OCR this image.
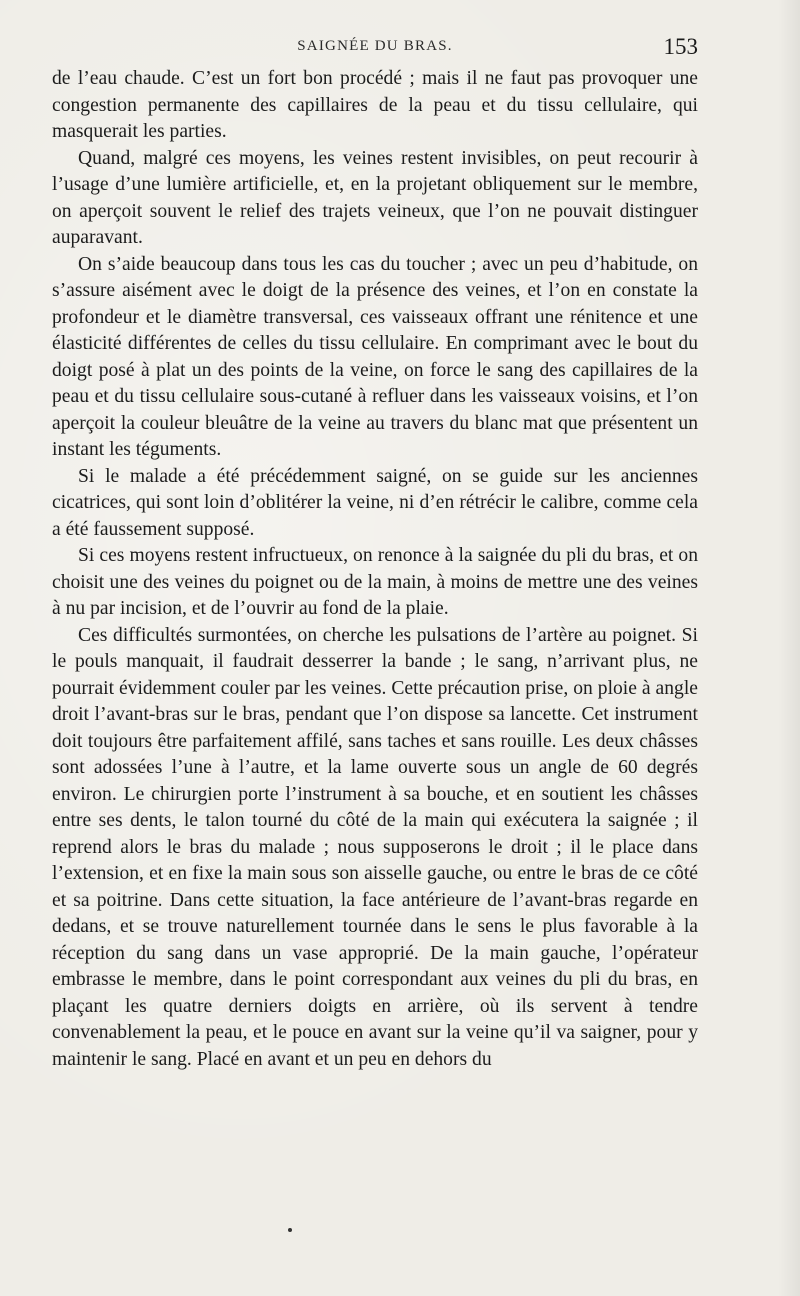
SAIGNÉE DU BRAS.	153

de l’eau chaude. C’est un fort bon procédé ; mais il ne faut pas provoquer une congestion permanente des capillaires de la peau et du tissu cellulaire, qui masquerait les parties.

Quand, malgré ces moyens, les veines restent invisibles, on peut recourir à l’usage d’une lumière artificielle, et, en la projetant obliquement sur le membre, on aperçoit souvent le relief des trajets veineux, que l’on ne pouvait distinguer auparavant.

On s’aide beaucoup dans tous les cas du toucher ; avec un peu d’habitude, on s’assure aisément avec le doigt de la présence des veines, et l’on en constate la profondeur et le diamètre transversal, ces vaisseaux offrant une rénitence et une élasticité différentes de celles du tissu cellulaire. En comprimant avec le bout du doigt posé à plat un des points de la veine, on force le sang des capillaires de la peau et du tissu cellulaire sous-cutané à refluer dans les vaisseaux voisins, et l’on aperçoit la couleur bleuâtre de la veine au travers du blanc mat que présentent un instant les téguments.

Si le malade a été précédemment saigné, on se guide sur les anciennes cicatrices, qui sont loin d’oblitérer la veine, ni d’en rétrécir le calibre, comme cela a été faussement supposé.

Si ces moyens restent infructueux, on renonce à la saignée du pli du bras, et on choisit une des veines du poignet ou de la main, à moins de mettre une des veines à nu par incision, et de l’ouvrir au fond de la plaie.

Ces difficultés surmontées, on cherche les pulsations de l’artère au poignet. Si le pouls manquait, il faudrait desserrer la bande ; le sang, n’arrivant plus, ne pourrait évidemment couler par les veines. Cette précaution prise, on ploie à angle droit l’avant-bras sur le bras, pendant que l’on dispose sa lancette. Cet instrument doit toujours être parfaitement affilé, sans taches et sans rouille. Les deux châsses sont adossées l’une à l’autre, et la lame ouverte sous un angle de 60 degrés environ. Le chirurgien porte l’instrument à sa bouche, et en soutient les châsses entre ses dents, le talon tourné du côté de la main qui exécutera la saignée ; il reprend alors le bras du malade ; nous supposerons le droit ; il le place dans l’extension, et en fixe la main sous son aisselle gauche, ou entre le bras de ce côté et sa poitrine. Dans cette situation, la face antérieure de l’avant-bras regarde en dedans, et se trouve naturellement tournée dans le sens le plus favorable à la réception du sang dans un vase approprié. De la main gauche, l’opérateur embrasse le membre, dans le point correspondant aux veines du pli du bras, en plaçant les quatre derniers doigts en arrière, où ils servent à tendre convenablement la peau, et le pouce en avant sur la veine qu’il va saigner, pour y maintenir le sang. Placé en avant et un peu en dehors du
